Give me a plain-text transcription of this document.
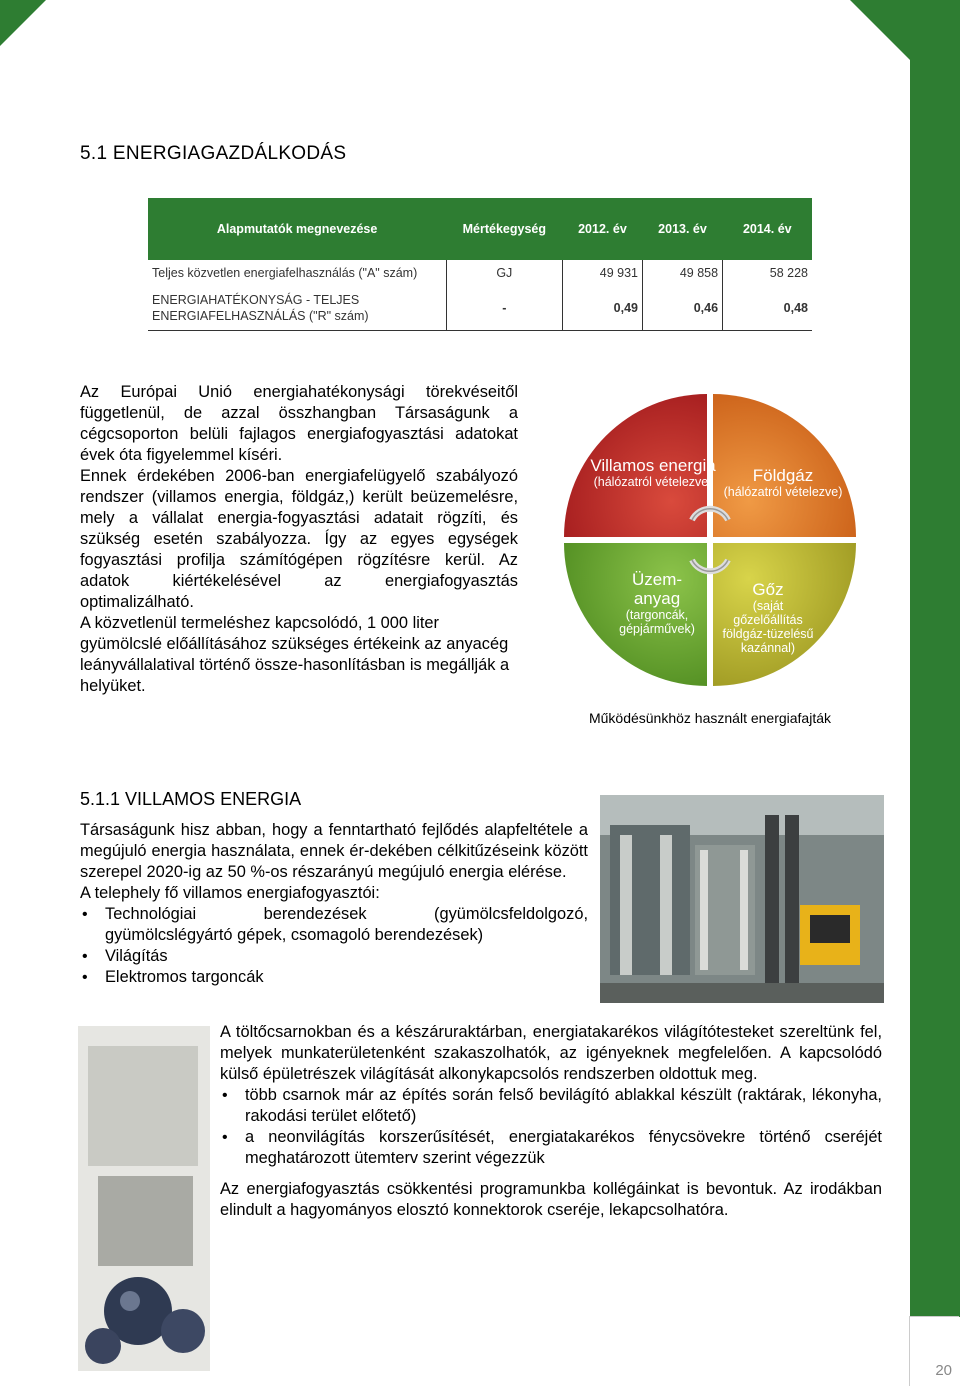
20
5.1 ENERGIAGAZDÁLKODÁS
Alapmutatók megnevezése	Mértékegység	2012. év	2013. év	2014. év
Teljes közvetlen energiafelhasználás ("A" szám)	GJ	49 931	49 858	58 228
ENERGIAHATÉKONYSÁG - TELJES ENERGIAFELHASZNÁLÁS ("R" szám)	-	0,49	0,46	0,48

Az Európai Unió energiahatékonysági törekvéseitől függetlenül, de azzal összhangban Társaságunk a cégcsoporton belüli fajlagos energiafogyasztási adatokat évek óta figyelemmel kíséri.

Ennek érdekében 2006-ban energiafelügyelő szabályozó rendszer (villamos energia, földgáz,) került beüzemelésre, mely a vállalat energia-fogyasztási adatait rögzíti, és szükség esetén szabályozza. Így az egyes egységek fogyasztási profilja számítógépen rögzítésre kerül. Az adatok kiértékelésével az energiafogyasztás optimalizálható.

A közvetlenül termeléshez kapcsolódó, 1 000 liter gyümölcslé előállításához szükséges értékeink az anyacég leányvállalatival történő össze-hasonlításban is megállják a helyüket.

Villamos energia
(hálózatról vételezve)	Földgáz
(hálózatról vételezve)
Üzem-anyag
(targoncák, gépjárművek)
Gőz
(saját gőzelőállítás földgáz-tüzelésű kazánnal)
Működésünkhöz használt energiafajták
5.1.1 VILLAMOS ENERGIA

Társaságunk hisz abban, hogy a fenntartható fejlődés alapfeltétele a megújuló energia használata, ennek ér-dekében célkitűzéseink között szerepel 2020-ig az 50 %-os részarányú megújuló energia elérése.

A telephely fő villamos energiafogyasztói:

• Technológiai berendezések (gyümölcsfeldolgozó, gyümölcslégyártó gépek, csomagoló berendezések)
• Világítás
• Elektromos targoncák

A töltőcsarnokban és a készáruraktárban, energiatakarékos világítótesteket szereltünk fel, melyek munkaterületenként szakaszolhatók, az igényeknek megfelelően. A kapcsolódó külső épületrészek világítását alkonykapcsolós rendszerben oldottuk meg.

• több csarnok már az építés során felső bevilágító ablakkal készült (raktárak, lékonyha, rakodási terület előtető)
• a neonvilágítás korszerűsítését, energiatakarékos fénycsövekre történő cseréjét meghatározott ütemterv szerint végezzük

Az energiafogyasztás csökkentési programunkba kollégáinkat is bevontuk. Az irodákban elindult a hagyományos elosztó konnektorok cseréje, lekapcsolhatóra.
